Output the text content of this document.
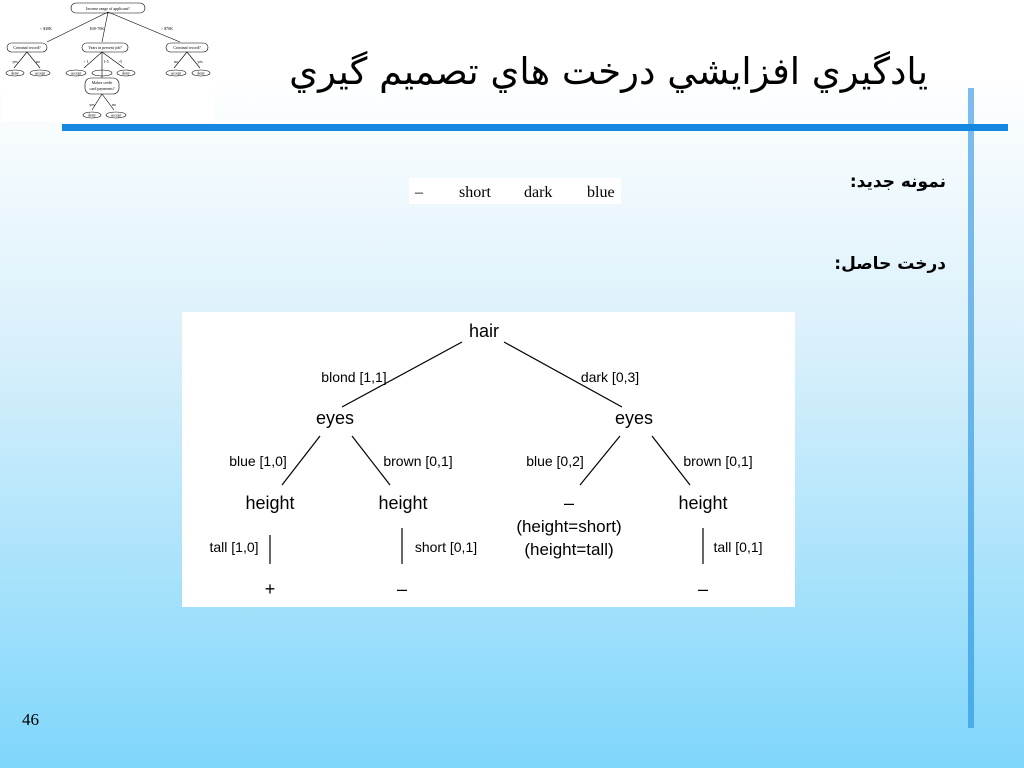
Income range of applicant?
< $30K	$30-70K	> $70K
Criminal record?	Years in present job?	Criminal record?
yes	no	< 1	1-5 >5	no	yes
deny	accept	accept	deny	accept	deny
Makes credit
card payments?
yes	no
deny	accept
يادگيري افزايشي درخت هاي تصميم گيري
نمونه جديد:
– short dark blue
درخت حاصل:
hair
blond [1,1]	dark [0,3]
eyes	eyes
blue [1,0]	brown [0,1]	blue [0,2]	brown [0,1]
height	height	–
(height=short)
(height=tall)
height
tall [1,0]	short [0,1]	tall [0,1]
+	–	–
46
